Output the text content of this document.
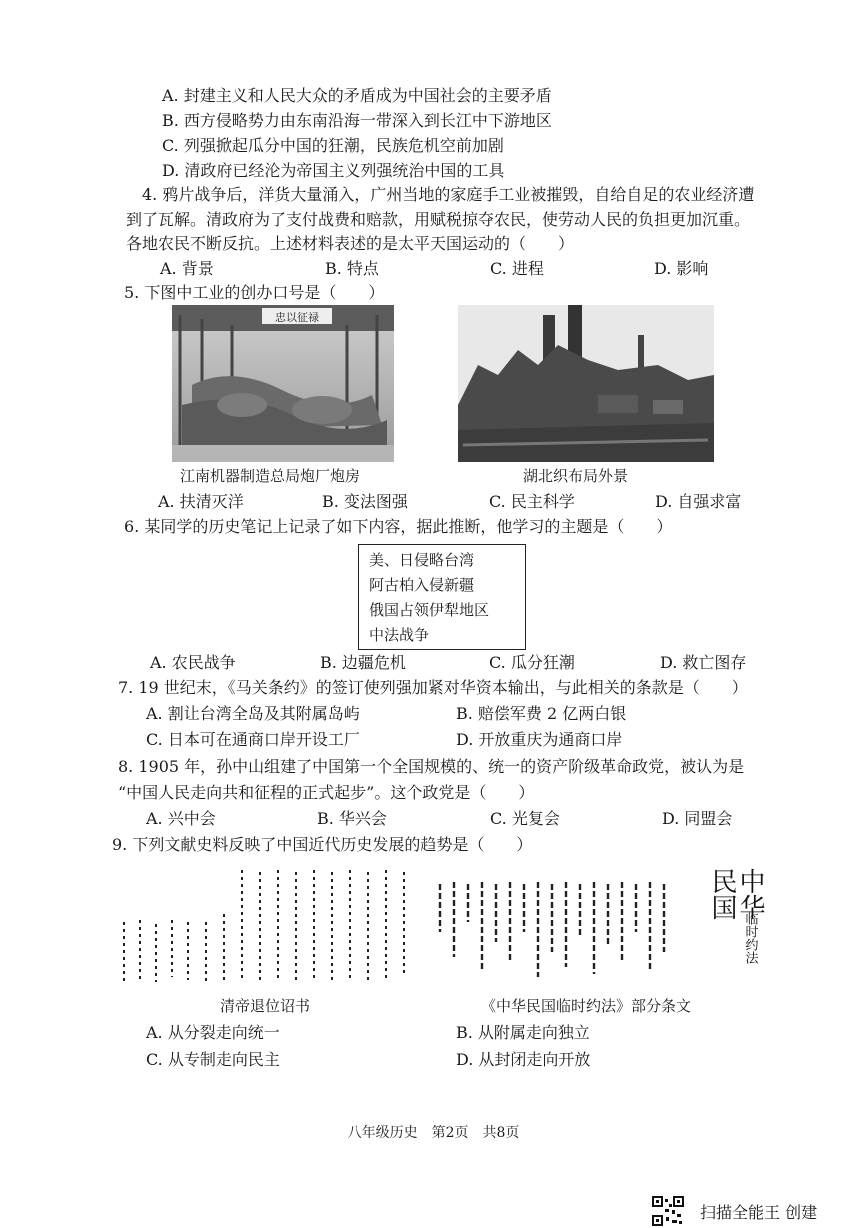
A. 封建主义和人民大众的矛盾成为中国社会的主要矛盾
B. 西方侵略势力由东南沿海一带深入到长江中下游地区
C. 列强掀起瓜分中国的狂潮，民族危机空前加剧
D. 清政府已经沦为帝国主义列强统治中国的工具
4. 鸦片战争后，洋货大量涌入，广州当地的家庭手工业被摧毁，自给自足的农业经济遭
到了瓦解。清政府为了支付战费和赔款，用赋税掠夺农民，使劳动人民的负担更加沉重。
各地农民不断反抗。上述材料表述的是太平天国运动的（　　）
A. 背景	B. 特点	C. 进程	D. 影响
5. 下图中工业的创办口号是（　　）
忠以征禄
江南机器制造总局炮厂炮房	湖北织布局外景
A. 扶清灭洋	B. 变法图强	C. 民主科学	D. 自强求富
6. 某同学的历史笔记上记录了如下内容，据此推断，他学习的主题是（　　）
美、日侵略台湾
阿古柏入侵新疆
俄国占领伊犁地区
中法战争
A. 农民战争	B. 边疆危机	C. 瓜分狂潮	D. 救亡图存
7. 19 世纪末，《马关条约》的签订使列强加紧对华资本输出，与此相关的条款是（　　）
A. 割让台湾全岛及其附属岛屿	B. 赔偿军费 2 亿两白银
C. 日本可在通商口岸开设工厂	D. 开放重庆为通商口岸
8. 1905 年，孙中山组建了中国第一个全国规模的、统一的资产阶级革命政党，被认为是
“中国人民走向共和征程的正式起步”。这个政党是（　　）
A. 兴中会	B. 华兴会	C. 光复会	D. 同盟会
9. 下列文献史料反映了中国近代历史发展的趋势是（　　）
中华
民国
临时约法
清帝退位诏书	《中华民国临时约法》部分条文
A. 从分裂走向统一	B. 从附属走向独立
C. 从专制走向民主	D. 从封闭走向开放
八年级历史　第2页　共8页
扫描全能王 创建
